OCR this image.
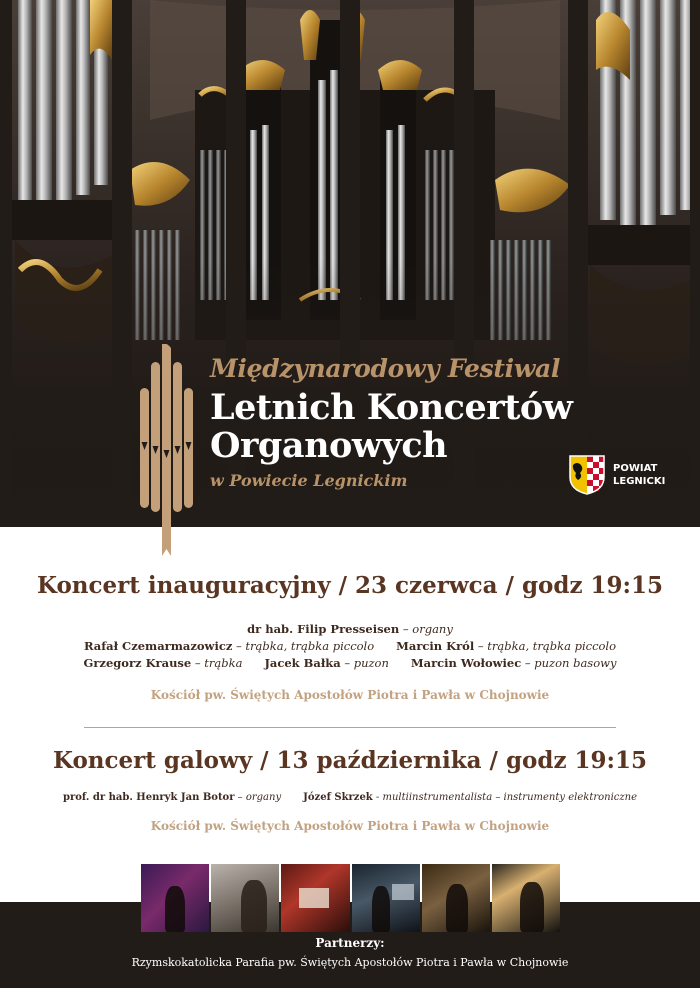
Międzynarodowy Festiwal
Letnich Koncertów
Organowych
w Powiecie Legnickim
POWIAT
LEGNICKI
Koncert inauguracyjny / 23 czerwca / godz 19:15
dr hab. Filip Presseisen – organy
Rafał Czemarmazowicz – trąbka, trąbka piccolo Marcin Król – trąbka, trąbka piccolo
Grzegorz Krause – trąbka Jacek Bałka – puzon Marcin Wołowiec – puzon basowy
Kościół pw. Świętych Apostołów Piotra i Pawła w Chojnowie
Koncert galowy / 13 października / godz 19:15
prof. dr hab. Henryk Jan Botor – organy Józef Skrzek - multiinstrumentalista – instrumenty elektroniczne
Kościół pw. Świętych Apostołów Piotra i Pawła w Chojnowie
Partnerzy:
Rzymskokatolicka Parafia pw. Świętych Apostołów Piotra i Pawła w Chojnowie
